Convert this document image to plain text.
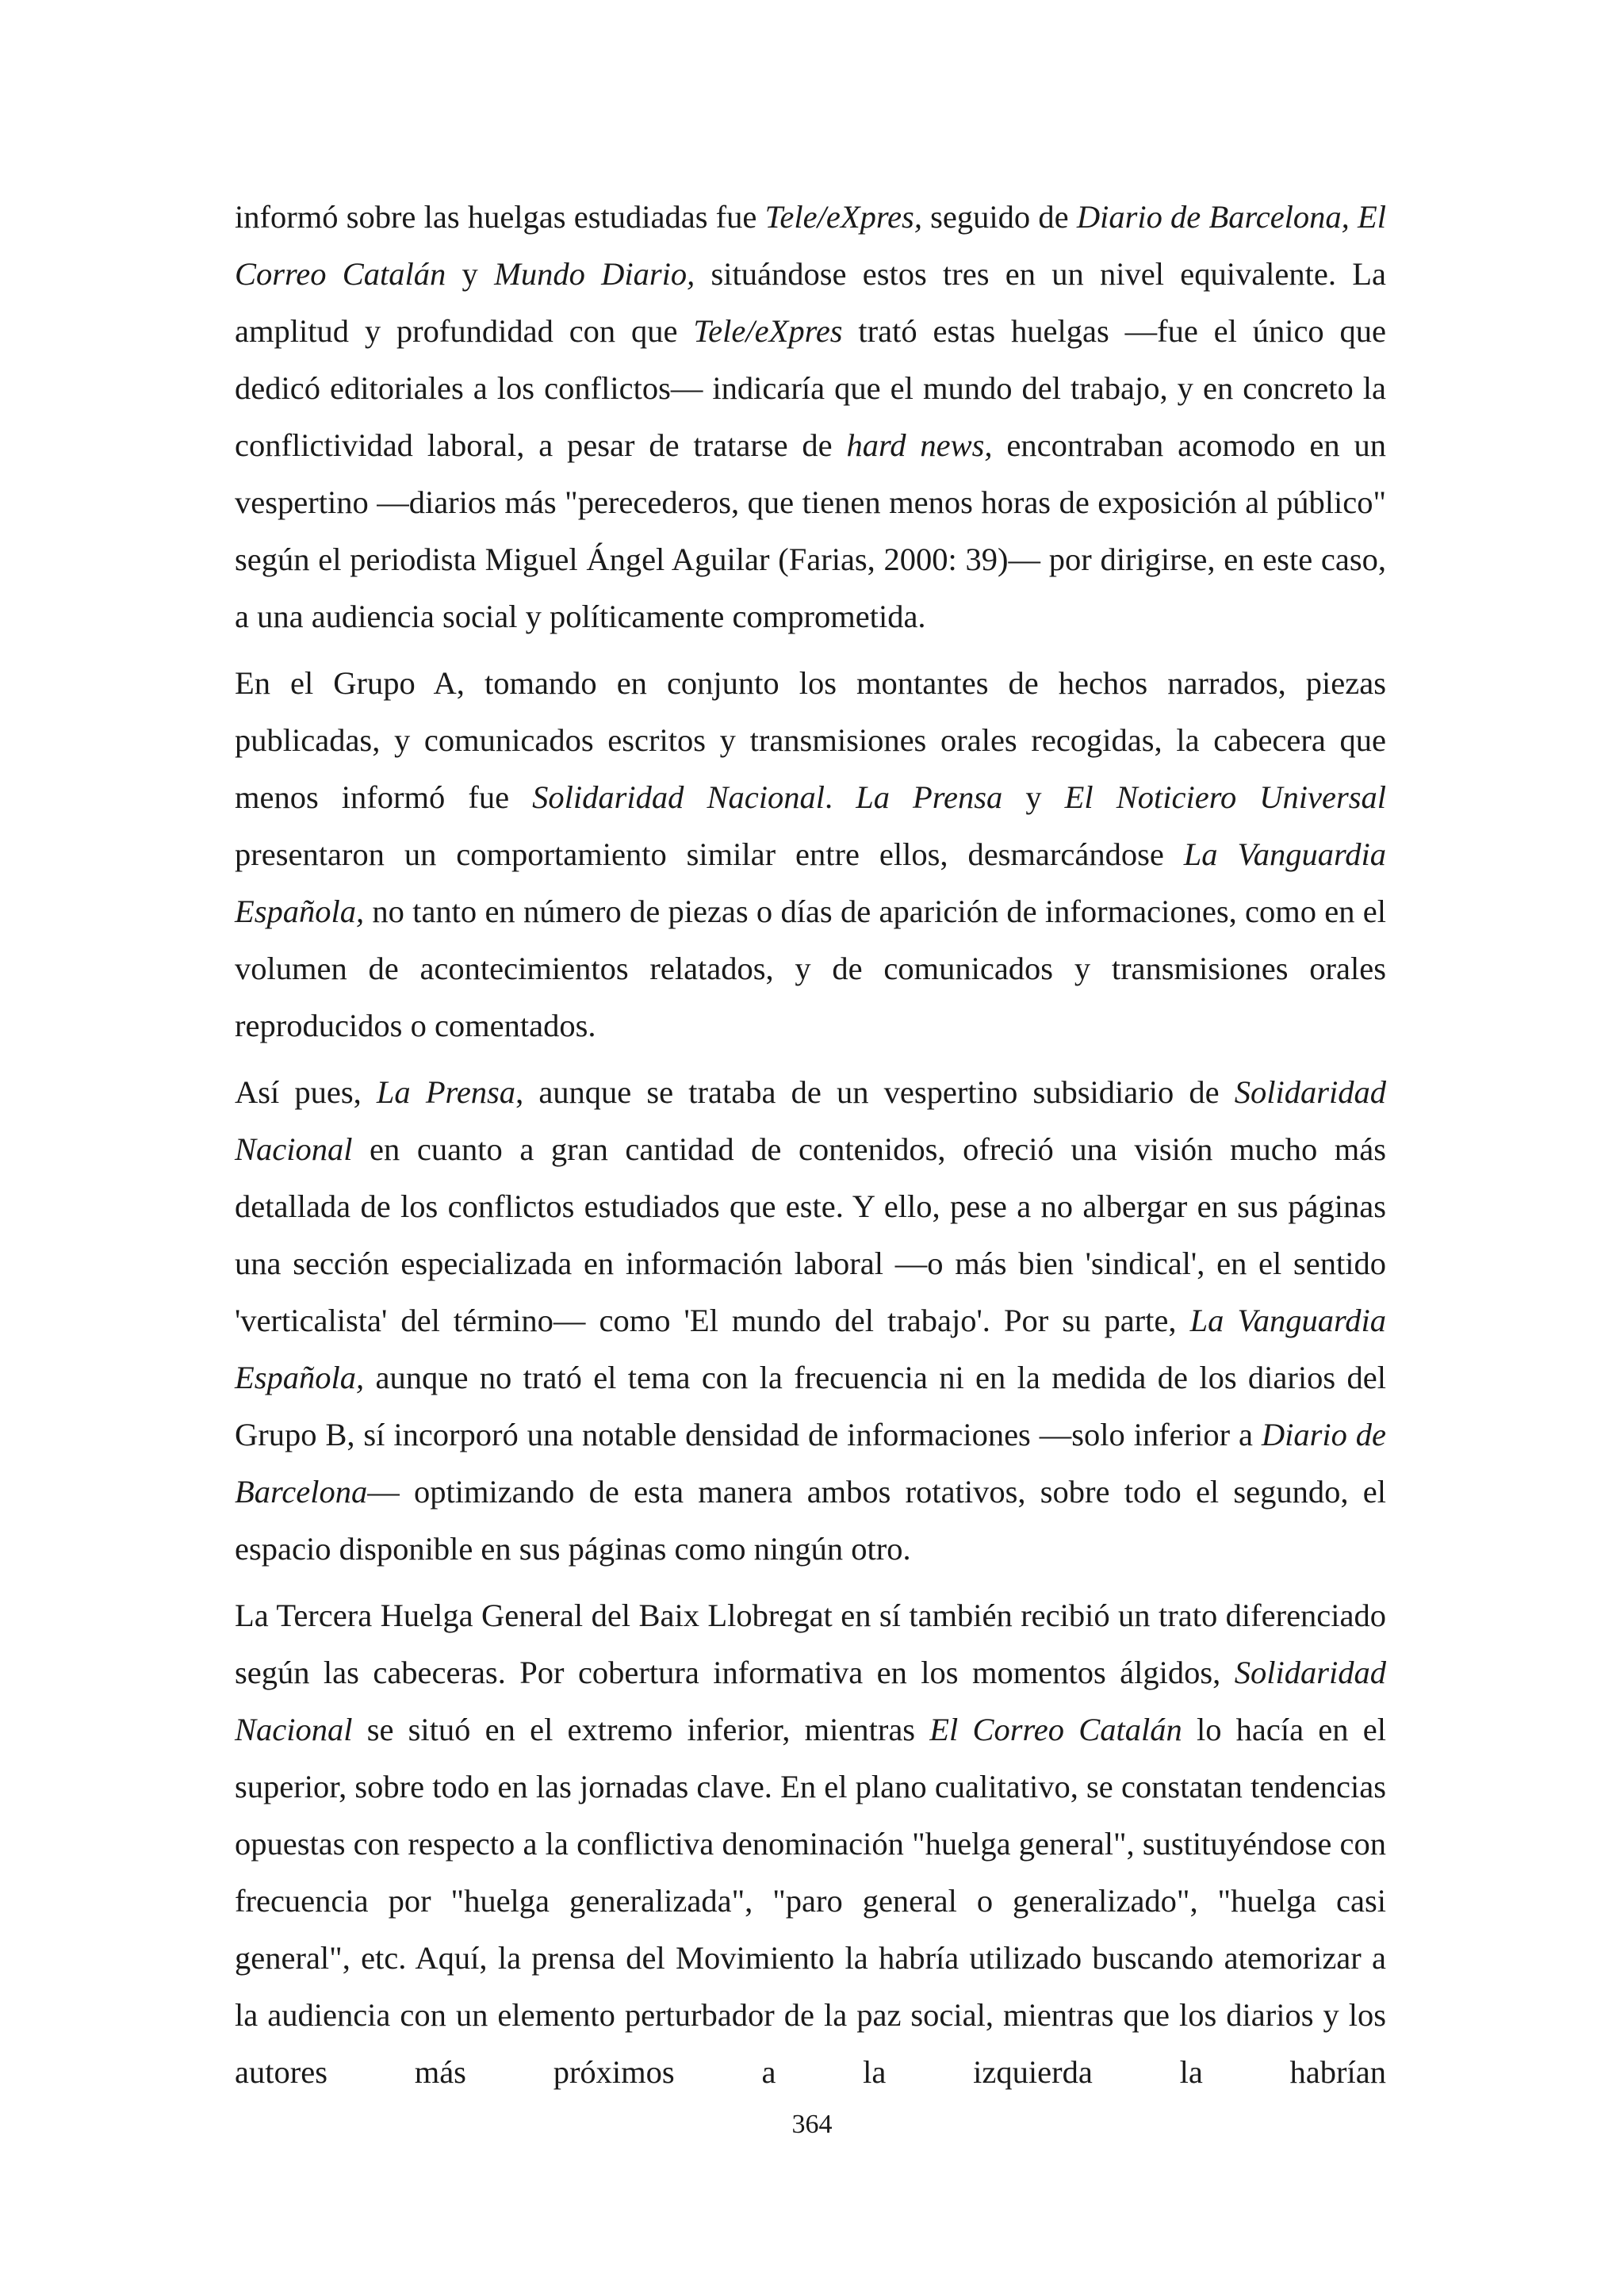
informó sobre las huelgas estudiadas fue Tele/eXpres, seguido de Diario de Barcelona, El Correo Catalán y Mundo Diario, situándose estos tres en un nivel equivalente. La amplitud y profundidad con que Tele/eXpres trató estas huelgas —fue el único que dedicó editoriales a los conflictos— indicaría que el mundo del trabajo, y en concreto la conflictividad laboral, a pesar de tratarse de hard news, encontraban acomodo en un vespertino —diarios más "perecederos, que tienen menos horas de exposición al público" según el periodista Miguel Ángel Aguilar (Farias, 2000: 39)— por dirigirse, en este caso, a una audiencia social y políticamente comprometida.

En el Grupo A, tomando en conjunto los montantes de hechos narrados, piezas publicadas, y comunicados escritos y transmisiones orales recogidas, la cabecera que menos informó fue Solidaridad Nacional. La Prensa y El Noticiero Universal presentaron un comportamiento similar entre ellos, desmarcándose La Vanguardia Española, no tanto en número de piezas o días de aparición de informaciones, como en el volumen de acontecimientos relatados, y de comunicados y transmisiones orales reproducidos o comentados.

Así pues, La Prensa, aunque se trataba de un vespertino subsidiario de Solidaridad Nacional en cuanto a gran cantidad de contenidos, ofreció una visión mucho más detallada de los conflictos estudiados que este. Y ello, pese a no albergar en sus páginas una sección especializada en información laboral —o más bien 'sindical', en el sentido 'verticalista' del término— como 'El mundo del trabajo'. Por su parte, La Vanguardia Española, aunque no trató el tema con la frecuencia ni en la medida de los diarios del Grupo B, sí incorporó una notable densidad de informaciones —solo inferior a Diario de Barcelona— optimizando de esta manera ambos rotativos, sobre todo el segundo, el espacio disponible en sus páginas como ningún otro.

La Tercera Huelga General del Baix Llobregat en sí también recibió un trato diferenciado según las cabeceras. Por cobertura informativa en los momentos álgidos, Solidaridad Nacional se situó en el extremo inferior, mientras El Correo Catalán lo hacía en el superior, sobre todo en las jornadas clave. En el plano cualitativo, se constatan tendencias opuestas con respecto a la conflictiva denominación "huelga general", sustituyéndose con frecuencia por "huelga generalizada", "paro general o generalizado", "huelga casi general", etc. Aquí, la prensa del Movimiento la habría utilizado buscando atemorizar a la audiencia con un elemento perturbador de la paz social, mientras que los diarios y los autores más próximos a la izquierda la habrían

364
